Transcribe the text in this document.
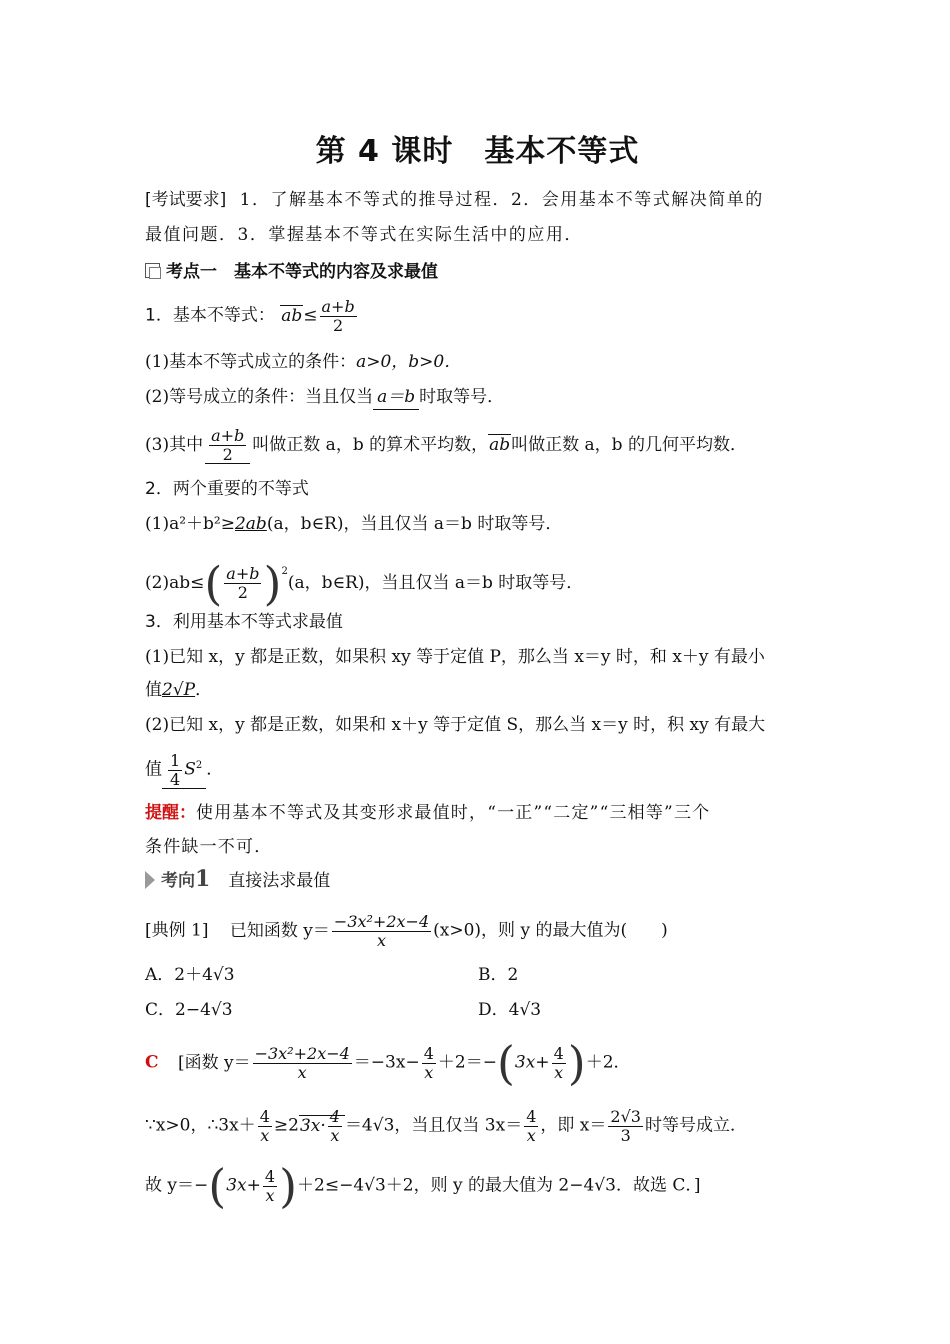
第 4 课时　基本不等式
[考试要求] 1．了解基本不等式的推导过程．2．会用基本不等式解决简单的
最值问题．3．掌握基本不等式在实际生活中的应用．
考点一　基本不等式的内容及求最值
1．基本不等式： $ab\le \frac{a+b}{2}$
(1)基本不等式成立的条件：a>0，b>0．
(2)等号成立的条件：当且仅当 a＝b 时取等号．
(3)其中 $\frac{a+b}{2}$ 叫做正数 a，b 的算术平均数，ab叫做正数 a，b 的几何平均数．
2．两个重要的不等式
(1)a²＋b²≥2ab(a，b∈R)，当且仅当 a＝b 时取等号．
$(2)ab\le( \frac{a+b}{2} )^2(a$，b∈R)，当且仅当 a＝b 时取等号．
3．利用基本不等式求最值
(1)已知 x，y 都是正数，如果积 xy 等于定值 P，那么当 x＝y 时，和 x＋y 有最小
值2√P．
(2)已知 x，y 都是正数，如果和 x＋y 等于定值 S，那么当 x＝y 时，积 xy 有最大
值 $\frac{1}{4} S^2$ ．
提醒：使用基本不等式及其变形求最值时，“一正”“二定”“三相等”三个
条件缺一不可．
考向1 直接法求最值
[典例 1] 已知函数 $y= \frac{\text{−3x²+2x−4}}{x} (x>0)$，则 y 的最大值为(　　)
A．2＋4√3	B．2
C．2−4√3	D．4√3
C [函数 $y= \frac{\text{−3x²+2x−4}}{x} =-3x- \frac{4}{x} +2=-(3x+ \frac{4}{x} )+2$．
∵x>0，∴3x＋ $\frac{4}{x} \ge 23x\cdot \frac{4}{x} =4√3$，当且仅当 $3x= \frac{4}{x}$ ，即 $x= \frac{2√3}{3}$ 时等号成立．
故 $y=-(3x+ \frac{4}{x} )+2\le-4√3+2$，则 y 的最大值为 2−4√3．故选 C．]
